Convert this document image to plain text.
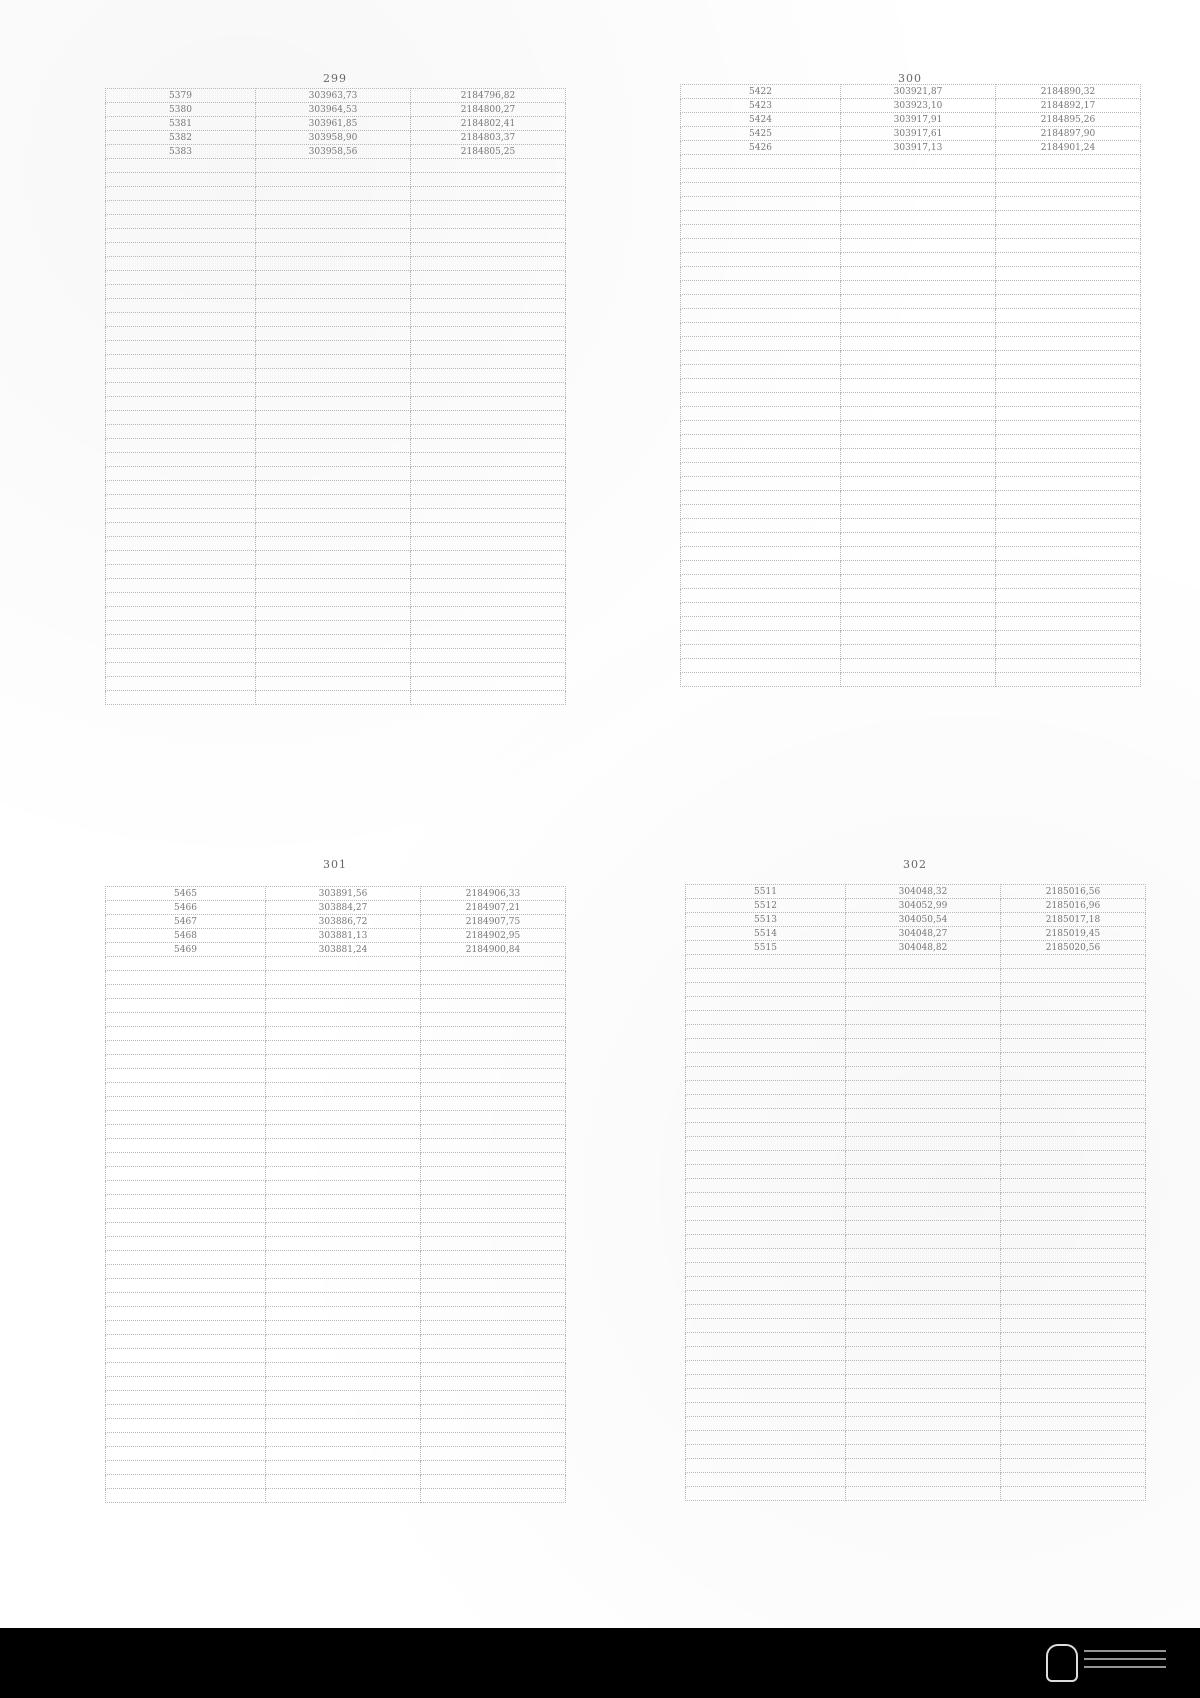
299
5379	303963,73	2184796,82
5380	303964,53	2184800,27
5381	303961,85	2184802,41
5382	303958,90	2184803,37
5383	303958,56	2184805,25

300
5422	303921,87	2184890,32
5423	303923,10	2184892,17
5424	303917,91	2184895,26
5425	303917,61	2184897,90
5426	303917,13	2184901,24

301
5465	303891,56	2184906,33
5466	303884,27	2184907,21
5467	303886,72	2184907,75
5468	303881,13	2184902,95
5469	303881,24	2184900,84

302
5511	304048,32	2185016,56
5512	304052,99	2185016,96
5513	304050,54	2185017,18
5514	304048,27	2185019,45
5515	304048,82	2185020,56
